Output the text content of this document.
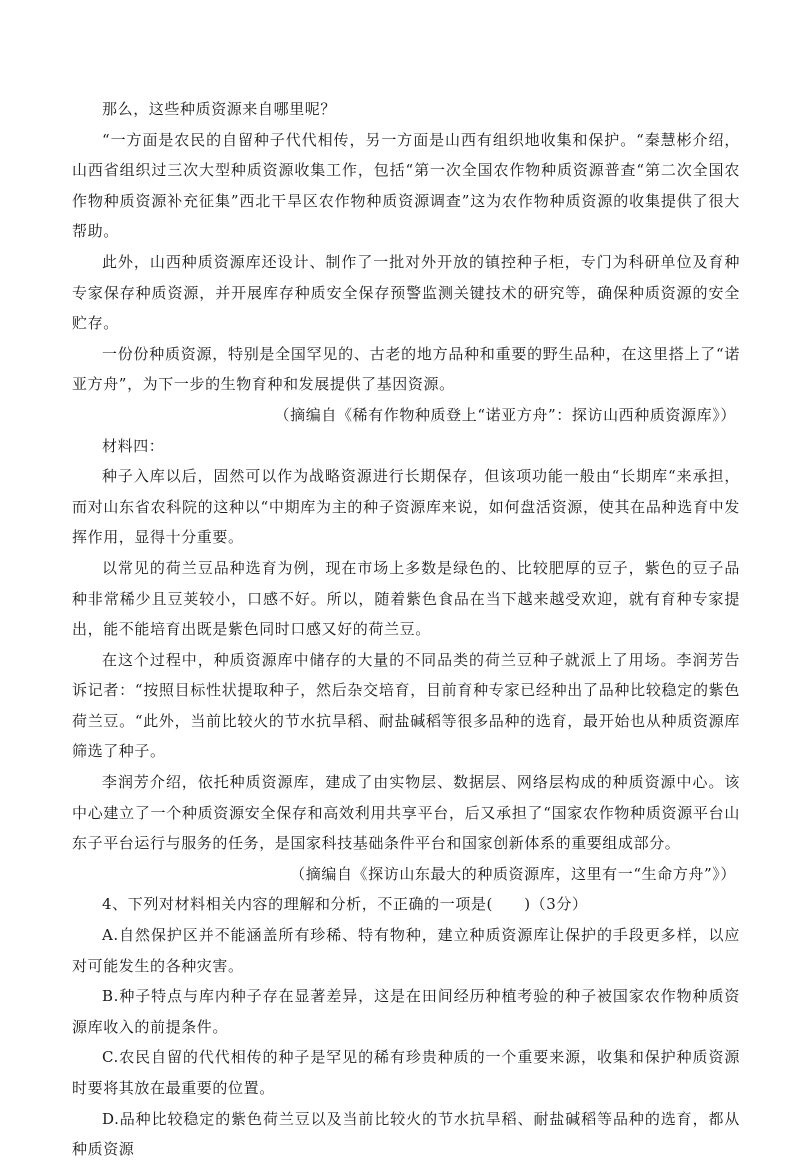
那么，这些种质资源来自哪里呢？

“一方面是农民的自留种子代代相传，另一方面是山西有组织地收集和保护。“秦慧彬介绍，山西省组织过三次大型种质资源收集工作，包括“第一次全国农作物种质资源普查“第二次全国农作物种质资源补充征集”西北干旱区农作物种质资源调查”这为农作物种质资源的收集提供了很大帮助。

此外，山西种质资源库还设计、制作了一批对外开放的镇控种子柜，专门为科研单位及育种专家保存种质资源，并开展库存种质安全保存预警监测关键技术的研究等，确保种质资源的安全贮存。

一份份种质资源，特别是全国罕见的、古老的地方品种和重要的野生品种，在这里搭上了“诺亚方舟”，为下一步的生物育种和发展提供了基因资源。

（摘编自《稀有作物种质登上“诺亚方舟”：探访山西种质资源库》）

材料四：

种子入库以后，固然可以作为战略资源进行长期保存，但该项功能一般由“长期库“来承担，而对山东省农科院的这种以“中期库为主的种子资源库来说，如何盘活资源，使其在品种选育中发挥作用，显得十分重要。

以常见的荷兰豆品种选育为例，现在市场上多数是绿色的、比较肥厚的豆子，紫色的豆子品种非常稀少且豆荚较小，口感不好。所以，随着紫色食品在当下越来越受欢迎，就有育种专家提出，能不能培育出既是紫色同时口感又好的荷兰豆。

在这个过程中，种质资源库中储存的大量的不同品类的荷兰豆种子就派上了用场。李润芳告诉记者：“按照目标性状提取种子，然后杂交培育，目前育种专家已经种出了品种比较稳定的紫色荷兰豆。“此外，当前比较火的节水抗旱稻、耐盐碱稻等很多品种的选育，最开始也从种质资源库筛选了种子。

李润芳介绍，依托种质资源库，建成了由实物层、数据层、网络层构成的种质资源中心。该中心建立了一个种质资源安全保存和高效利用共享平台，后又承担了“国家农作物种质资源平台山东子平台运行与服务的任务，是国家科技基础条件平台和国家创新体系的重要组成部分。

（摘编自《探访山东最大的种质资源库，这里有一“生命方舟”》）

4、下列对材料相关内容的理解和分析，不正确的一项是(　　)（3分）

A.自然保护区并不能涵盖所有珍稀、特有物种，建立种质资源库让保护的手段更多样，以应对可能发生的各种灾害。

B.种子特点与库内种子存在显著差异，这是在田间经历种植考验的种子被国家农作物种质资源库收入的前提条件。

C.农民自留的代代相传的种子是罕见的稀有珍贵种质的一个重要来源，收集和保护种质资源时要将其放在最重要的位置。

D.品种比较稳定的紫色荷兰豆以及当前比较火的节水抗旱稻、耐盐碱稻等品种的选育，都从种质资源
